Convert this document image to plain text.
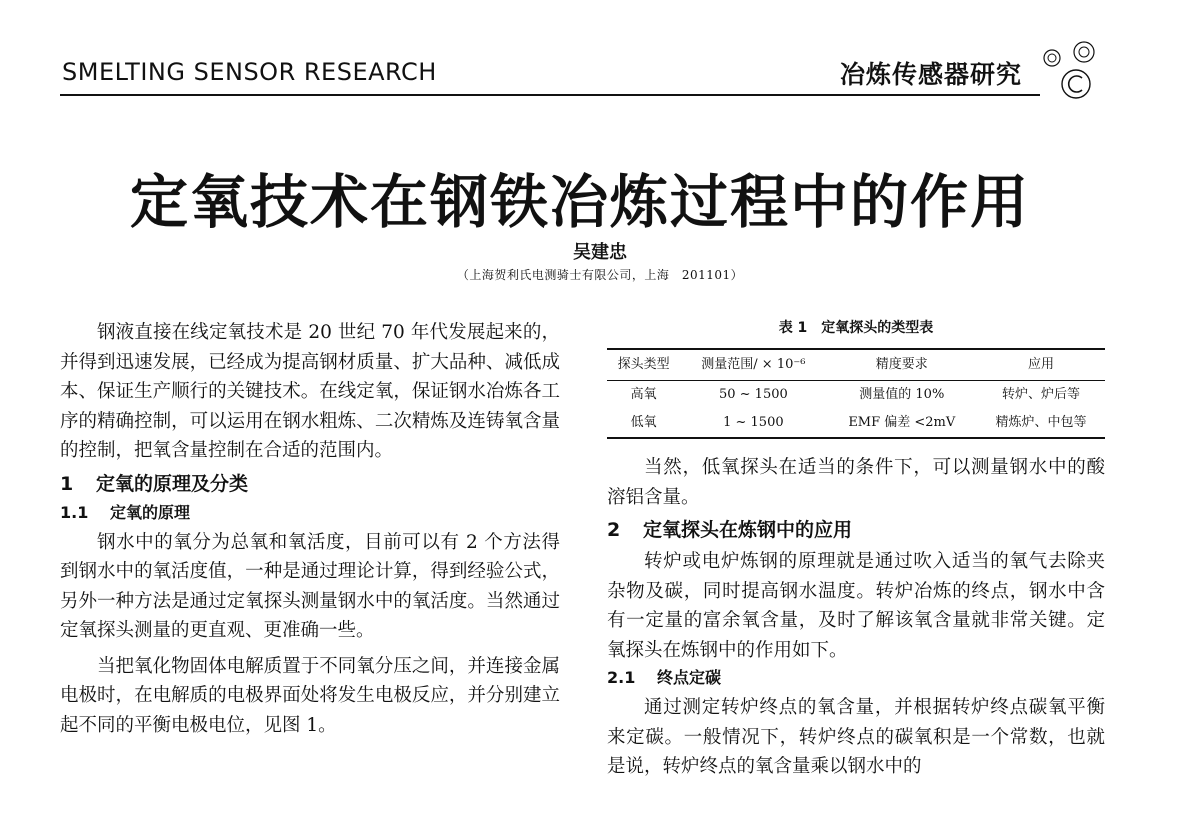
SMELTING SENSOR RESEARCH	冶炼传感器研究
定氧技术在钢铁冶炼过程中的作用
吴建忠
（上海贺利氏电测骑士有限公司，上海　201101）

钢液直接在线定氧技术是 20 世纪 70 年代发展起来的，并得到迅速发展，已经成为提高钢材质量、扩大品种、减低成本、保证生产顺行的关键技术。在线定氧，保证钢水冶炼各工序的精确控制，可以运用在钢水粗炼、二次精炼及连铸氧含量的控制，把氧含量控制在合适的范围内。

1 定氧的原理及分类
1.1 定氧的原理

钢水中的氧分为总氧和氧活度，目前可以有 2 个方法得到钢水中的氧活度值，一种是通过理论计算，得到经验公式，另外一种方法是通过定氧探头测量钢水中的氧活度。当然通过定氧探头测量的更直观、更准确一些。

当把氧化物固体电解质置于不同氧分压之间，并连接金属电极时，在电解质的电极界面处将发生电极反应，并分别建立起不同的平衡电极电位，见图 1。

表 1　定氧探头的类型表
探头类型	测量范围/ × 10⁻⁶	精度要求	应用
高氧	50 ~ 1500	测量值的 10%	转炉、炉后等
低氧	1 ~ 1500	EMF 偏差 <2mV	精炼炉、中包等

当然，低氧探头在适当的条件下，可以测量钢水中的酸溶铝含量。

2 定氧探头在炼钢中的应用

转炉或电炉炼钢的原理就是通过吹入适当的氧气去除夹杂物及碳，同时提高钢水温度。转炉冶炼的终点，钢水中含有一定量的富余氧含量，及时了解该氧含量就非常关键。定氧探头在炼钢中的作用如下。

2.1 终点定碳

通过测定转炉终点的氧含量，并根据转炉终点碳氧平衡来定碳。一般情况下，转炉终点的碳氧积是一个常数，也就是说，转炉终点的氧含量乘以钢水中的
